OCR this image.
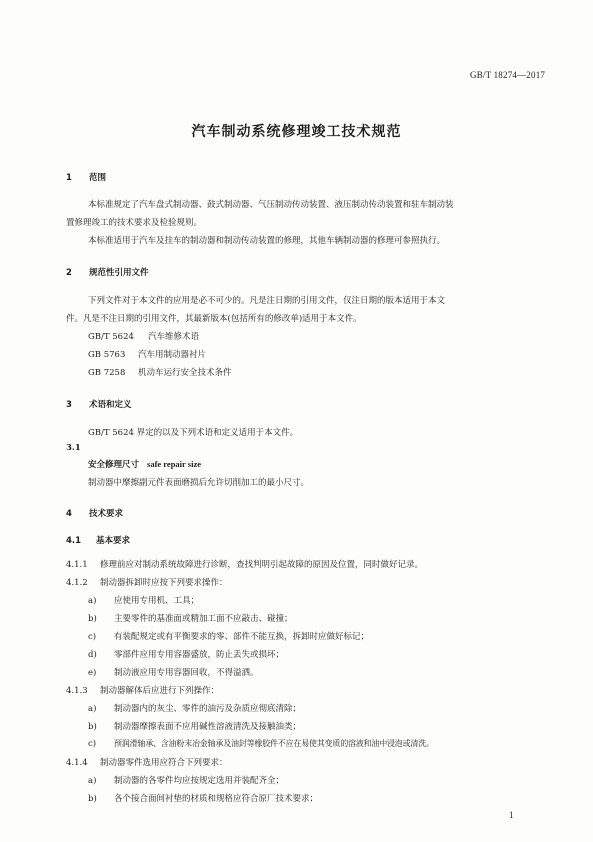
GB/T 18274—2017
汽车制动系统修理竣工技术规范
1 范围
本标准规定了汽车盘式制动器、鼓式制动器、气压制动传动装置、液压制动传动装置和驻车制动装
置修理竣工的技术要求及检验规则。
本标准适用于汽车及挂车的制动器和制动传动装置的修理，其他车辆制动器的修理可参照执行。
2 规范性引用文件
下列文件对于本文件的应用是必不可少的。凡是注日期的引用文件，仅注日期的版本适用于本文
件。凡是不注日期的引用文件，其最新版本(包括所有的修改单)适用于本文件。
GB/T 5624 汽车维修术语
GB 5763 汽车用制动器衬片
GB 7258 机动车运行安全技术条件
3 术语和定义
GB/T 5624 界定的以及下列术语和定义适用于本文件。
3.1
安全修理尺寸 safe repair size
制动器中摩擦副元件表面磨损后允许切削加工的最小尺寸。
4 技术要求
4.1 基本要求
4.1.1 修理前应对制动系统故障进行诊断，查找判明引起故障的原因及位置，同时做好记录。
4.1.2 制动器拆卸时应按下列要求操作：
a) 应使用专用机、工具；
b) 主要零件的基准面或精加工面不应敲击、碰撞；
c) 有装配规定或有平衡要求的零、部件不能互换，拆卸时应做好标记；
d) 零部件应用专用容器盛放，防止丢失或损坏；
e) 制动液应用专用容器回收，不得溢洒。
4.1.3 制动器解体后应进行下列操作：
a) 制动器内的灰尘、零件的油污及杂质应彻底清除；
b) 制动器摩擦表面不应用碱性溶液清洗及接触油类；
c) 预润滑轴承、含油粉末冶金轴承及油封等橡胶件不应在易使其变质的溶液和油中浸泡或清洗。
4.1.4 制动器零件选用应符合下列要求：
a) 制动器的各零件均应按规定选用并装配齐全；
b) 各个接合面间衬垫的材质和规格应符合原厂技术要求；
1
